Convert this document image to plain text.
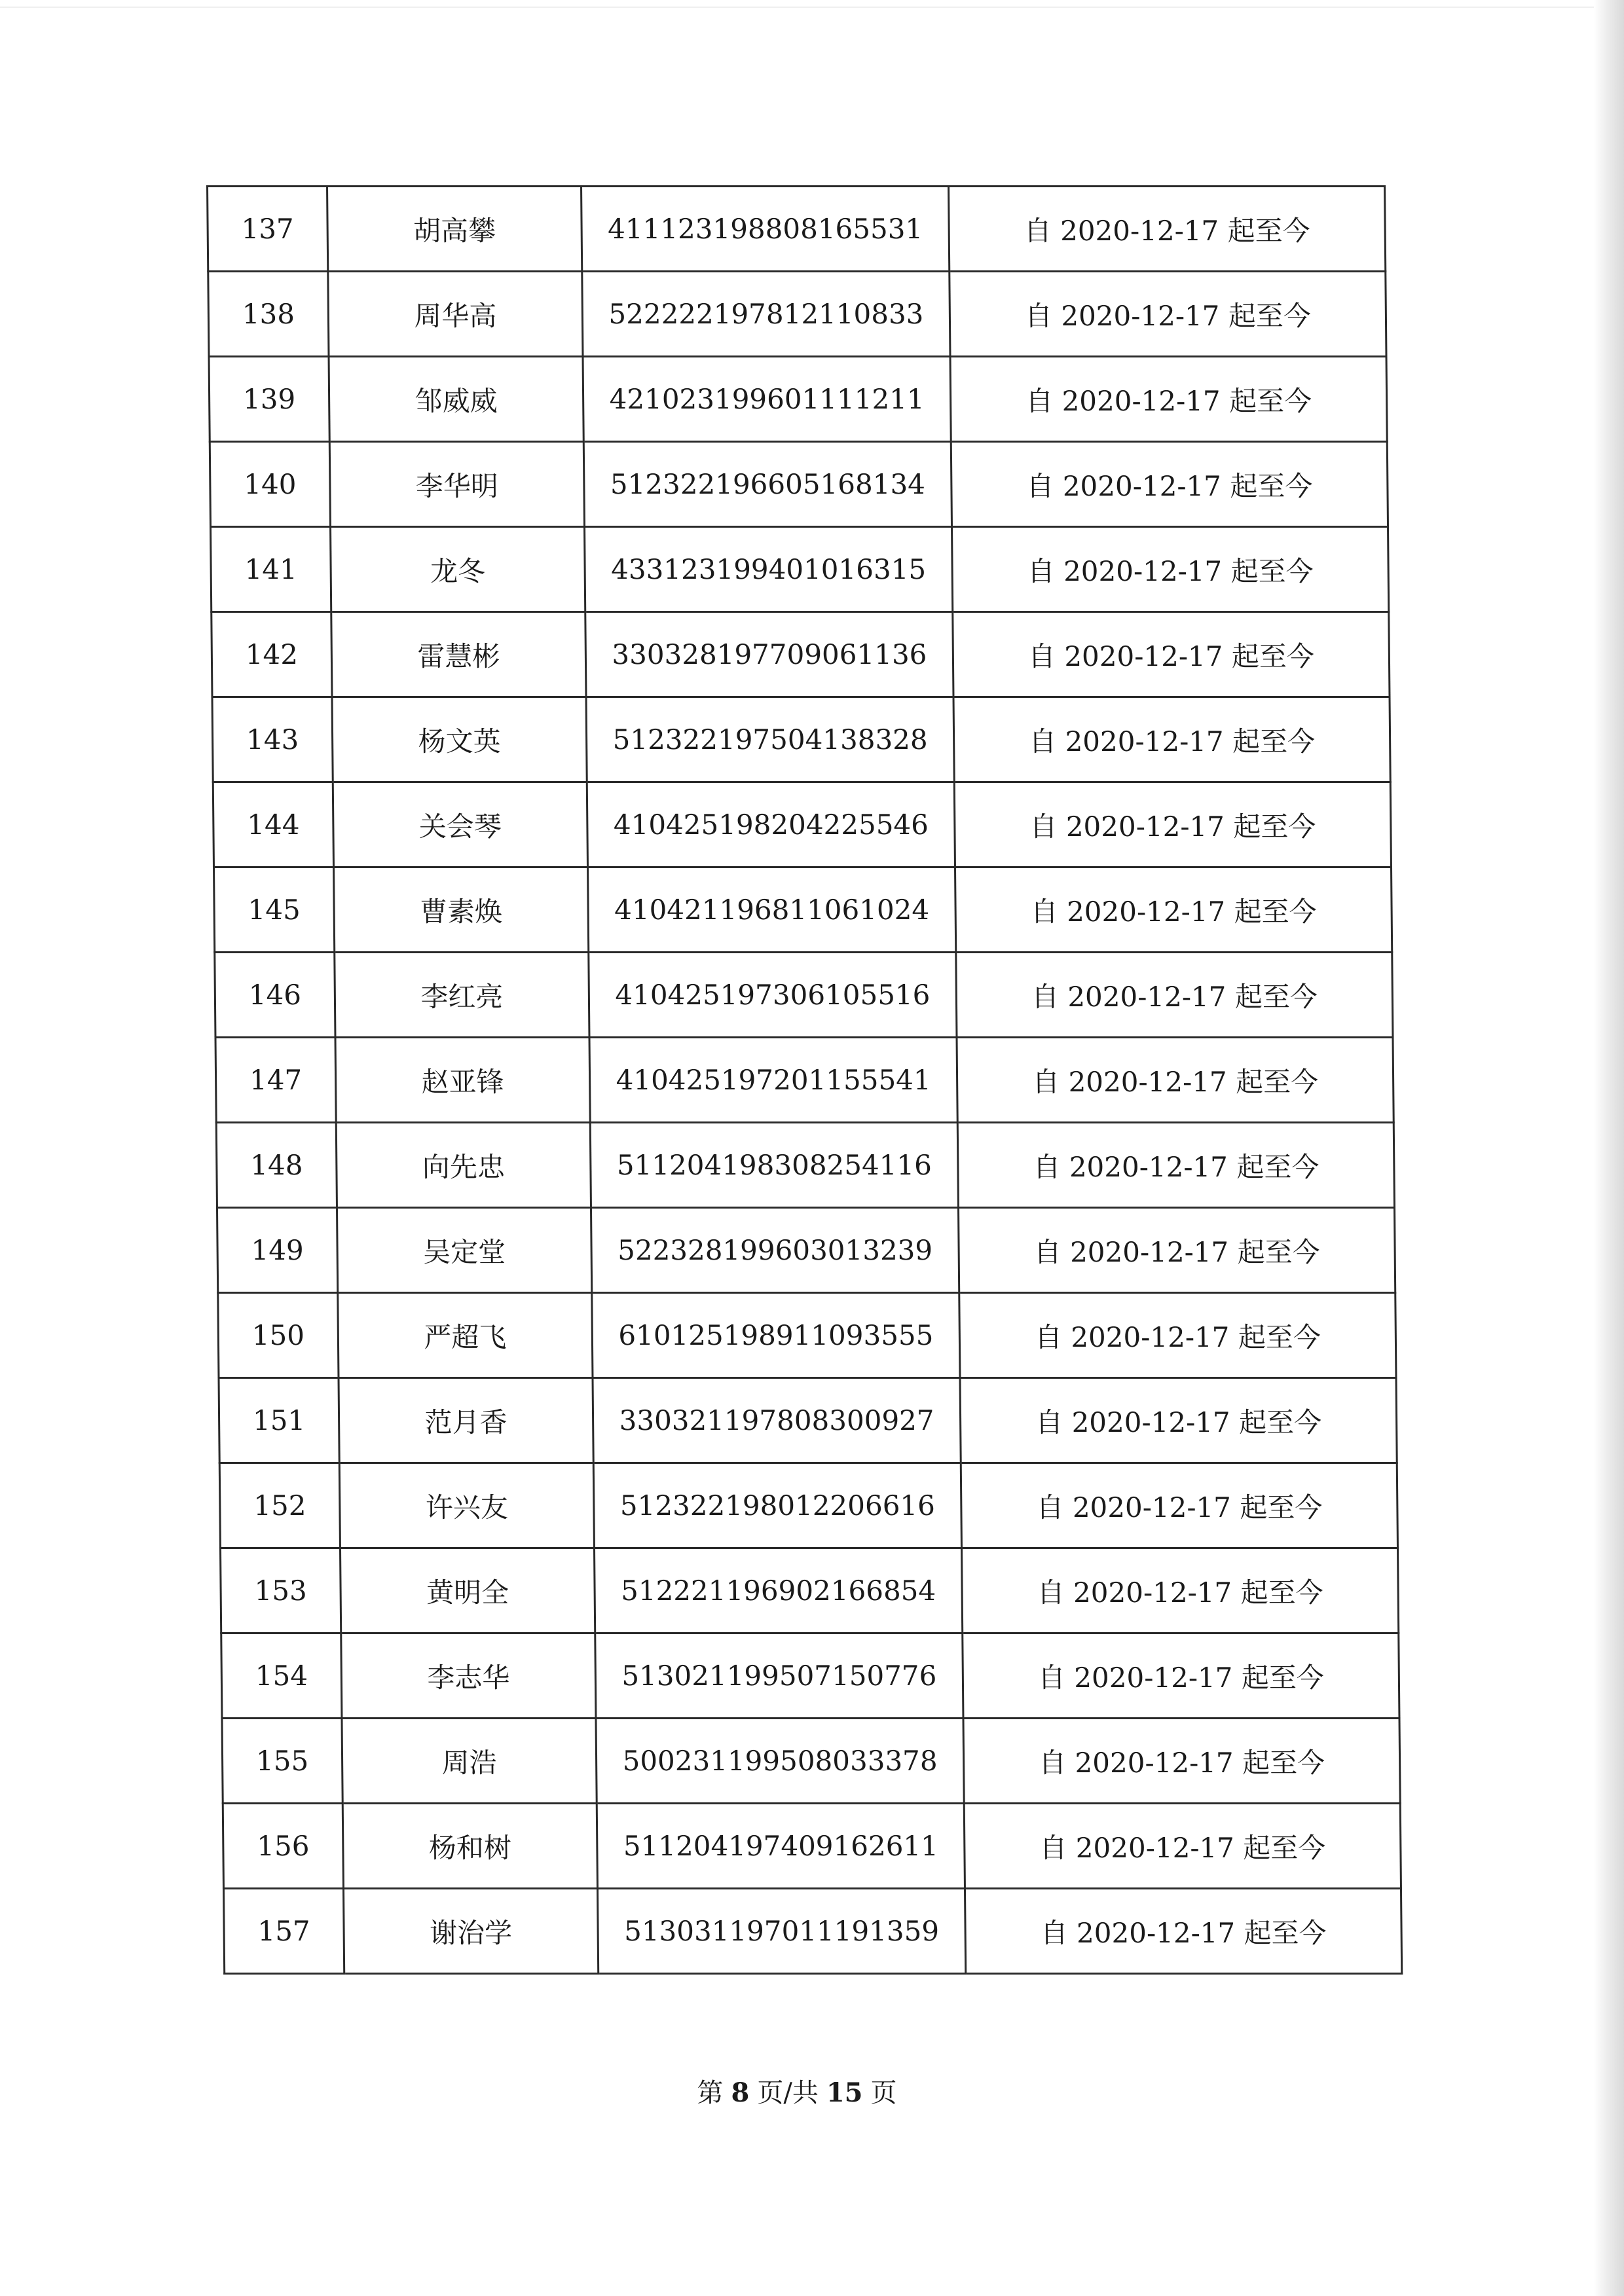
137	胡高攀	411123198808165531	自 2020-12-17 起至今
138	周华高	522222197812110833	自 2020-12-17 起至今
139	邹威威	421023199601111211	自 2020-12-17 起至今
140	李华明	512322196605168134	自 2020-12-17 起至今
141	龙冬	433123199401016315	自 2020-12-17 起至今
142	雷慧彬	330328197709061136	自 2020-12-17 起至今
143	杨文英	512322197504138328	自 2020-12-17 起至今
144	关会琴	410425198204225546	自 2020-12-17 起至今
145	曹素焕	410421196811061024	自 2020-12-17 起至今
146	李红亮	410425197306105516	自 2020-12-17 起至今
147	赵亚锋	410425197201155541	自 2020-12-17 起至今
148	向先忠	511204198308254116	自 2020-12-17 起至今
149	吴定堂	522328199603013239	自 2020-12-17 起至今
150	严超飞	610125198911093555	自 2020-12-17 起至今
151	范月香	330321197808300927	自 2020-12-17 起至今
152	许兴友	512322198012206616	自 2020-12-17 起至今
153	黄明全	512221196902166854	自 2020-12-17 起至今
154	李志华	513021199507150776	自 2020-12-17 起至今
155	周浩	500231199508033378	自 2020-12-17 起至今
156	杨和树	511204197409162611	自 2020-12-17 起至今
157	谢治学	513031197011191359	自 2020-12-17 起至今
第 8 页/共 15 页
